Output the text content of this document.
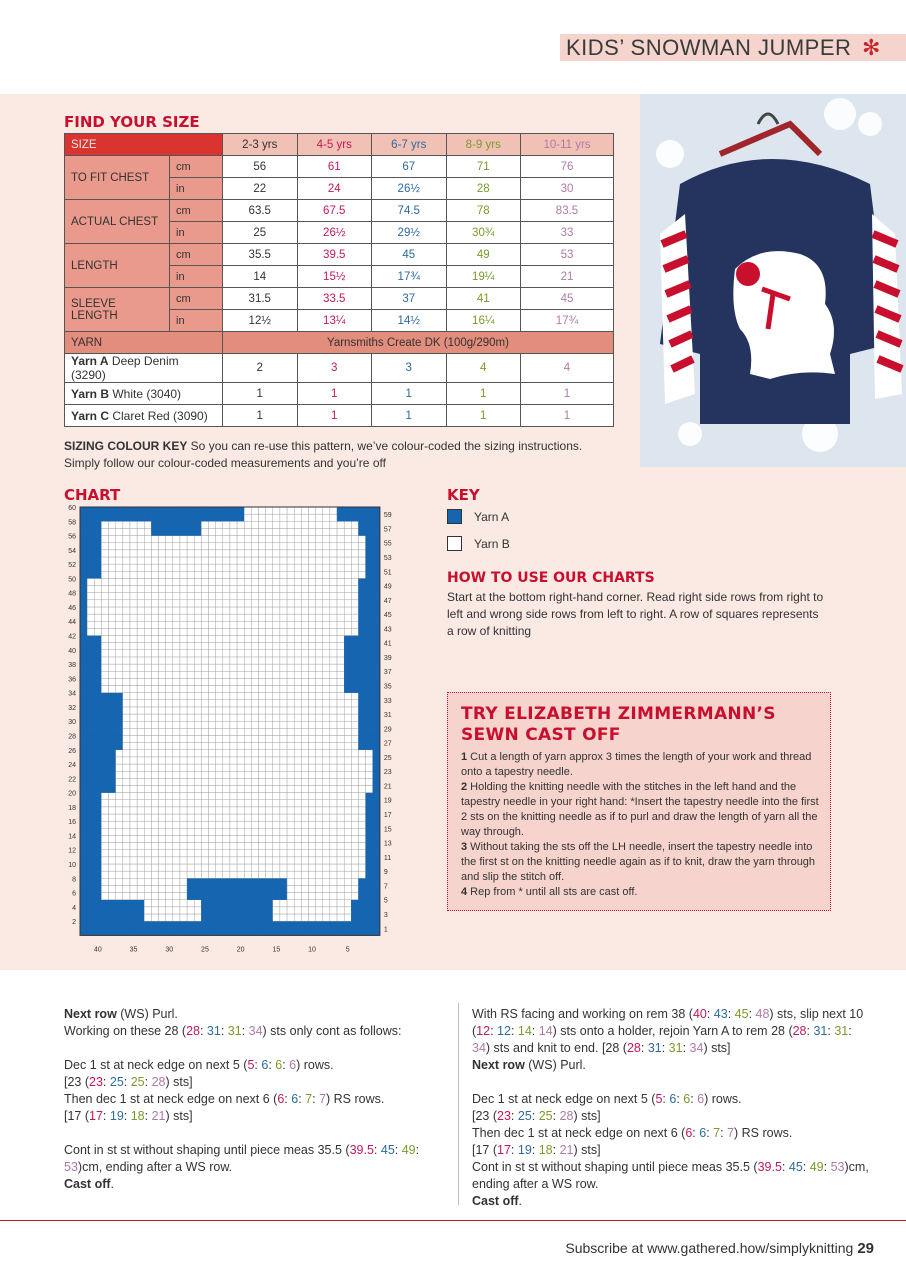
KIDS’ SNOWMAN JUMPER ✻
FIND YOUR SIZE
SIZE		2-3 yrs	4-5 yrs	6-7 yrs	8-9 yrs	10-11 yrs
TO FIT CHEST	cm	56	61	67	71	76
	in	22	24	26½	28	30
ACTUAL CHEST	cm	63.5	67.5	74.5	78	83.5
	in	25	26½	29½	30¾	33
LENGTH	cm	35.5	39.5	45	49	53
	in	14	15½	17¾	19¼	21
SLEEVE LENGTH	cm	31.5	33.5	37	41	45
	in	12½	13¼	14½	16¼	17¾
YARN		Yarnsmiths Create DK (100g/290m)				
Yarn A Deep Denim (3290)		2	3	3	4	4
Yarn B White (3040)		1	1	1	1	1
Yarn C Claret Red (3090)		1	1	1	1	1
SIZING COLOUR KEY So you can re-use this pattern, we’ve colour-coded the sizing instructions. Simply follow our colour-coded measurements and you’re off
CHART
60
58
56
54
52
50
48
46
44
42
40
38
36
34
32
30
28
26
24
22
20
18
16
14
12
10
8
6
4
2
59
57
55
53
51
49
47
45
43
41
39
37
35
33
31
29
27
25
23
21
19
17
15
13
11
9
7
5
3
1
40	35	30	25	20	15	10	5
KEY
Yarn A
Yarn B
HOW TO USE OUR CHARTS
Start at the bottom right-hand corner. Read right side rows from right to left and wrong side rows from left to right. A row of squares represents a row of knitting
TRY ELIZABETH ZIMMERMANN’S SEWN CAST OFF

1 Cut a length of yarn approx 3 times the length of your work and thread onto a tapestry needle.

2 Holding the knitting needle with the stitches in the left hand and the tapestry needle in your right hand: *Insert the tapestry needle into the first 2 sts on the knitting needle as if to purl and draw the length of yarn all the way through.

3 Without taking the sts off the LH needle, insert the tapestry needle into the first st on the knitting needle again as if to knit, draw the yarn through and slip the stitch off.

4 Rep from * until all sts are cast off.

Next row (WS) Purl.

Working on these 28 (28: 31: 31: 34) sts only cont as follows:

Dec 1 st at neck edge on next 5 (5: 6: 6: 6) rows.

[23 (23: 25: 25: 28) sts]

Then dec 1 st at neck edge on next 6 (6: 6: 7: 7) RS rows.

[17 (17: 19: 18: 21) sts]

Cont in st st without shaping until piece meas 35.5 (39.5: 45: 49: 53)cm, ending after a WS row.

Cast off.

With RS facing and working on rem 38 (40: 43: 45: 48) sts, slip next 10 (12: 12: 14: 14) sts onto a holder, rejoin Yarn A to rem 28 (28: 31: 31: 34) sts and knit to end. [28 (28: 31: 31: 34) sts]

Next row (WS) Purl.

Dec 1 st at neck edge on next 5 (5: 6: 6: 6) rows.

[23 (23: 25: 25: 28) sts]

Then dec 1 st at neck edge on next 6 (6: 6: 7: 7) RS rows.

[17 (17: 19: 18: 21) sts]

Cont in st st without shaping until piece meas 35.5 (39.5: 45: 49: 53)cm, ending after a WS row.

Cast off.

Subscribe at www.gathered.how/simplyknitting 29
